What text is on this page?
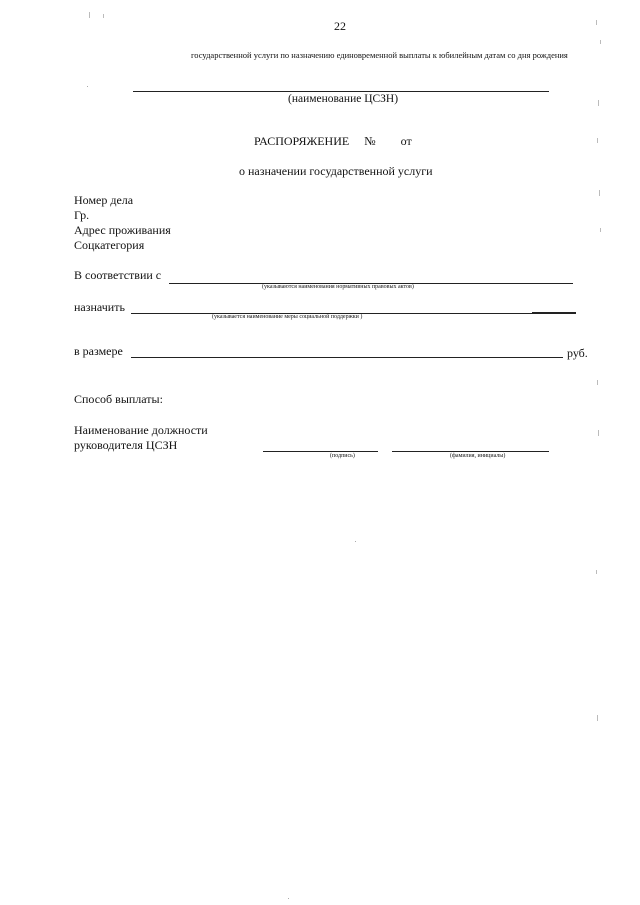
22
государственной услуги по назначению единовременной выплаты к юбилейным датам со дня рождения
(наименование ЦСЗН)
РАСПОРЯЖЕНИЕ № от
о назначении государственной услуги
Номер дела
Гр.
Адрес проживания
Соцкатегория
В соответствии с
(указываются наименования нормативных правовых актов)
назначить
(указывается наименование меры социальной поддержки )
в размере	руб.
Способ выплаты:
Наименование должности
руководителя ЦСЗН
(подпись)	(фамилия, инициалы)
